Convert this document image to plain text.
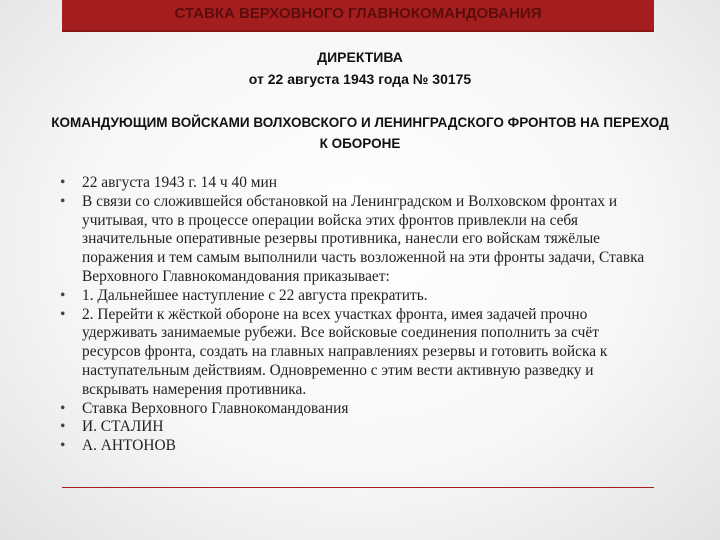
СТАВКА ВЕРХОВНОГО ГЛАВНОКОМАНДОВАНИЯ
ДИРЕКТИВА
от 22 августа 1943 года № 30175
КОМАНДУЮЩИМ ВОЙСКАМИ ВОЛХОВСКОГО И ЛЕНИНГРАДСКОГО ФРОНТОВ НА ПЕРЕХОД
К ОБОРОНЕ
• 22 августа 1943 г. 14 ч 40 мин
• В связи со сложившейся обстановкой на Ленинградском и Волховском фронтах и учитывая, что в процессе операции войска этих фронтов привлекли на себя значительные оперативные резервы противника, нанесли его войскам тяжёлые поражения и тем самым выполнили часть возложенной на эти фронты задачи, Ставка Верховного Главнокомандования приказывает:
• 1. Дальнейшее наступление с 22 августа прекратить.
• 2. Перейти к жёсткой обороне на всех участках фронта, имея задачей прочно удерживать занимаемые рубежи. Все войсковые соединения пополнить за счёт ресурсов фронта, создать на главных направлениях резервы и готовить войска к наступательным действиям. Одновременно с этим вести активную разведку и вскрывать намерения противника.
• Ставка Верховного Главнокомандования
• И. СТАЛИН
• А. АНТОНОВ
